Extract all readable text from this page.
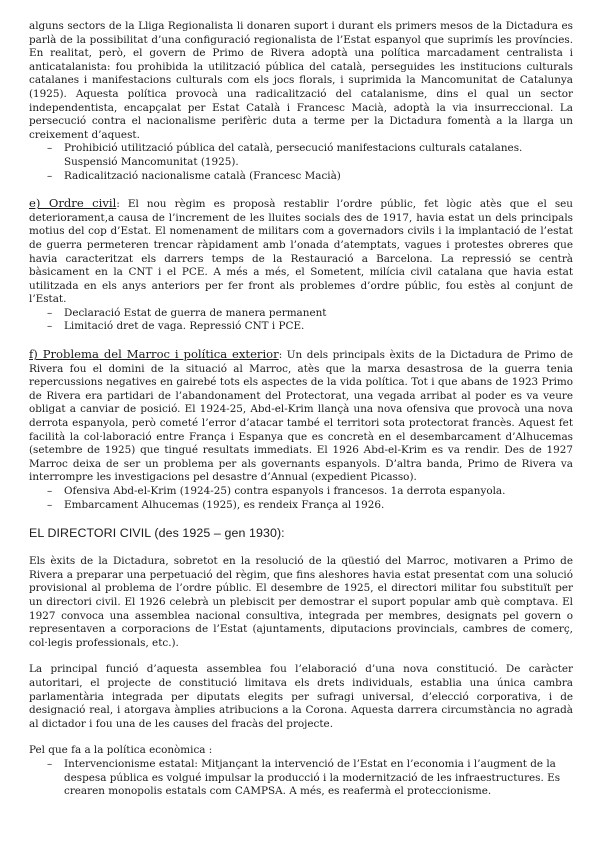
alguns sectors de la Lliga Regionalista li donaren suport i durant els primers mesos de la Dictadura es parlà de la possibilitat d’una configuració regionalista de l’Estat espanyol que suprimís les províncies. En realitat, però, el govern de Primo de Rivera adoptà una política marcadament centralista i anticatalanista: fou prohibida la utilització pública del català, perseguides les institucions culturals catalanes i manifestacions culturals com els jocs florals, i suprimida la Mancomunitat de Catalunya (1925). Aquesta política provocà una radicalització del catalanisme, dins el qual un sector independentista, encapçalat per Estat Català i Francesc Macià, adoptà la via insurreccional. La persecució contra el nacionalisme perifèric duta a terme per la Dictadura fomentà a la llarga un creixement d’aquest.

– Prohibició utilització pública del català, persecució manifestacions culturals catalanes. Suspensió Mancomunitat (1925).
– Radicalització nacionalisme català (Francesc Macià)

e) Ordre civil: El nou règim es proposà restablir l’ordre públic, fet lògic atès que el seu deteriorament,a causa de l’increment de les lluites socials des de 1917, havia estat un dels principals motius del cop d’Estat. El nomenament de militars com a governadors civils i la implantació de l’estat de guerra permeteren trencar ràpidament amb l’onada d’atemptats, vagues i protestes obreres que havia caracteritzat els darrers temps de la Restauració a Barcelona. La repressió se centrà bàsicament en la CNT i el PCE. A més a més, el Sometent, milícia civil catalana que havia estat utilitzada en els anys anteriors per fer front als problemes d’ordre públic, fou estès al conjunt de l’Estat.

– Declaració Estat de guerra de manera permanent
– Limitació dret de vaga. Repressió CNT i PCE.

f) Problema del Marroc i política exterior: Un dels principals èxits de la Dictadura de Primo de Rivera fou el domini de la situació al Marroc, atès que la marxa desastrosa de la guerra tenia repercussions negatives en gairebé tots els aspectes de la vida política. Tot i que abans de 1923 Primo de Rivera era partidari de l’abandonament del Protectorat, una vegada arribat al poder es va veure obligat a canviar de posició. El 1924-25, Abd-el-Krim llançà una nova ofensiva que provocà una nova derrota espanyola, però cometé l’error d’atacar també el territori sota protectorat francès. Aquest fet facilità la col·laboració entre França i Espanya que es concretà en el desembarcament d’Alhucemas (setembre de 1925) que tingué resultats immediats. El 1926 Abd-el-Krim es va rendir. Des de 1927 Marroc deixa de ser un problema per als governants espanyols. D’altra banda, Primo de Rivera va interrompre les investigacions pel desastre d’Annual (expedient Picasso).

– Ofensiva Abd-el-Krim (1924-25) contra espanyols i francesos. 1a derrota espanyola.
– Embarcament Alhucemas (1925), es rendeix França al 1926.

EL DIRECTORI CIVIL (des 1925 – gen 1930):

Els èxits de la Dictadura, sobretot en la resolució de la qüestió del Marroc, motivaren a Primo de Rivera a preparar una perpetuació del règim, que fins aleshores havia estat presentat com una solució provisional al problema de l’ordre públic. El desembre de 1925, el directori militar fou substituït per un directori civil. El 1926 celebrà un plebiscit per demostrar el suport popular amb què comptava. El 1927 convoca una assemblea nacional consultiva, integrada per membres, designats pel govern o representaven a corporacions de l’Estat (ajuntaments, diputacions provincials, cambres de comerç, col·legis professionals, etc.).

La principal funció d’aquesta assemblea fou l’elaboració d’una nova constitució. De caràcter autoritari, el projecte de constitució limitava els drets individuals, establia una única cambra parlamentària integrada per diputats elegits per sufragi universal, d’elecció corporativa, i de designació real, i atorgava àmplies atribucions a la Corona. Aquesta darrera circumstància no agradà al dictador i fou una de les causes del fracàs del projecte.

Pel que fa a la política econòmica :

– Intervencionisme estatal: Mitjançant la intervenció de l’Estat en l’economia i l’augment de la despesa pública es volgué impulsar la producció i la modernització de les infraestructures. Es crearen monopolis estatals com CAMPSA. A més, es reafermà el proteccionisme.
